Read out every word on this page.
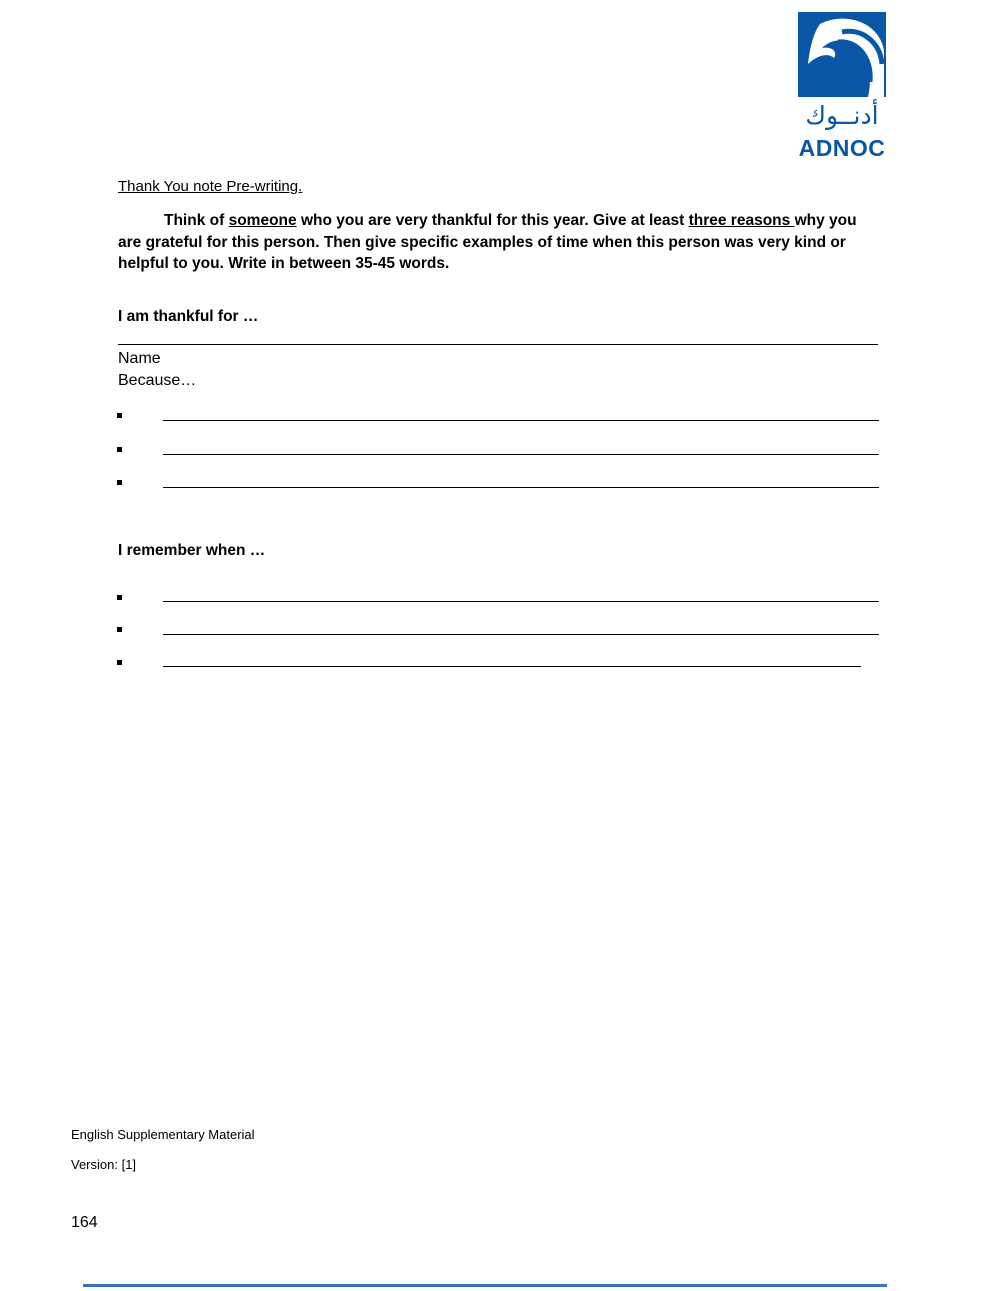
أدنــوك
ADNOC
Thank You note Pre-writing.
Think of someone who you are very thankful for this year. Give at least three reasons why you are grateful for this person. Then give specific examples of time when this person was very kind or helpful to you. Write in between 35-45 words.
I am thankful for …
Name
Because…
I remember when …
English Supplementary Material
Version: [1]
164
